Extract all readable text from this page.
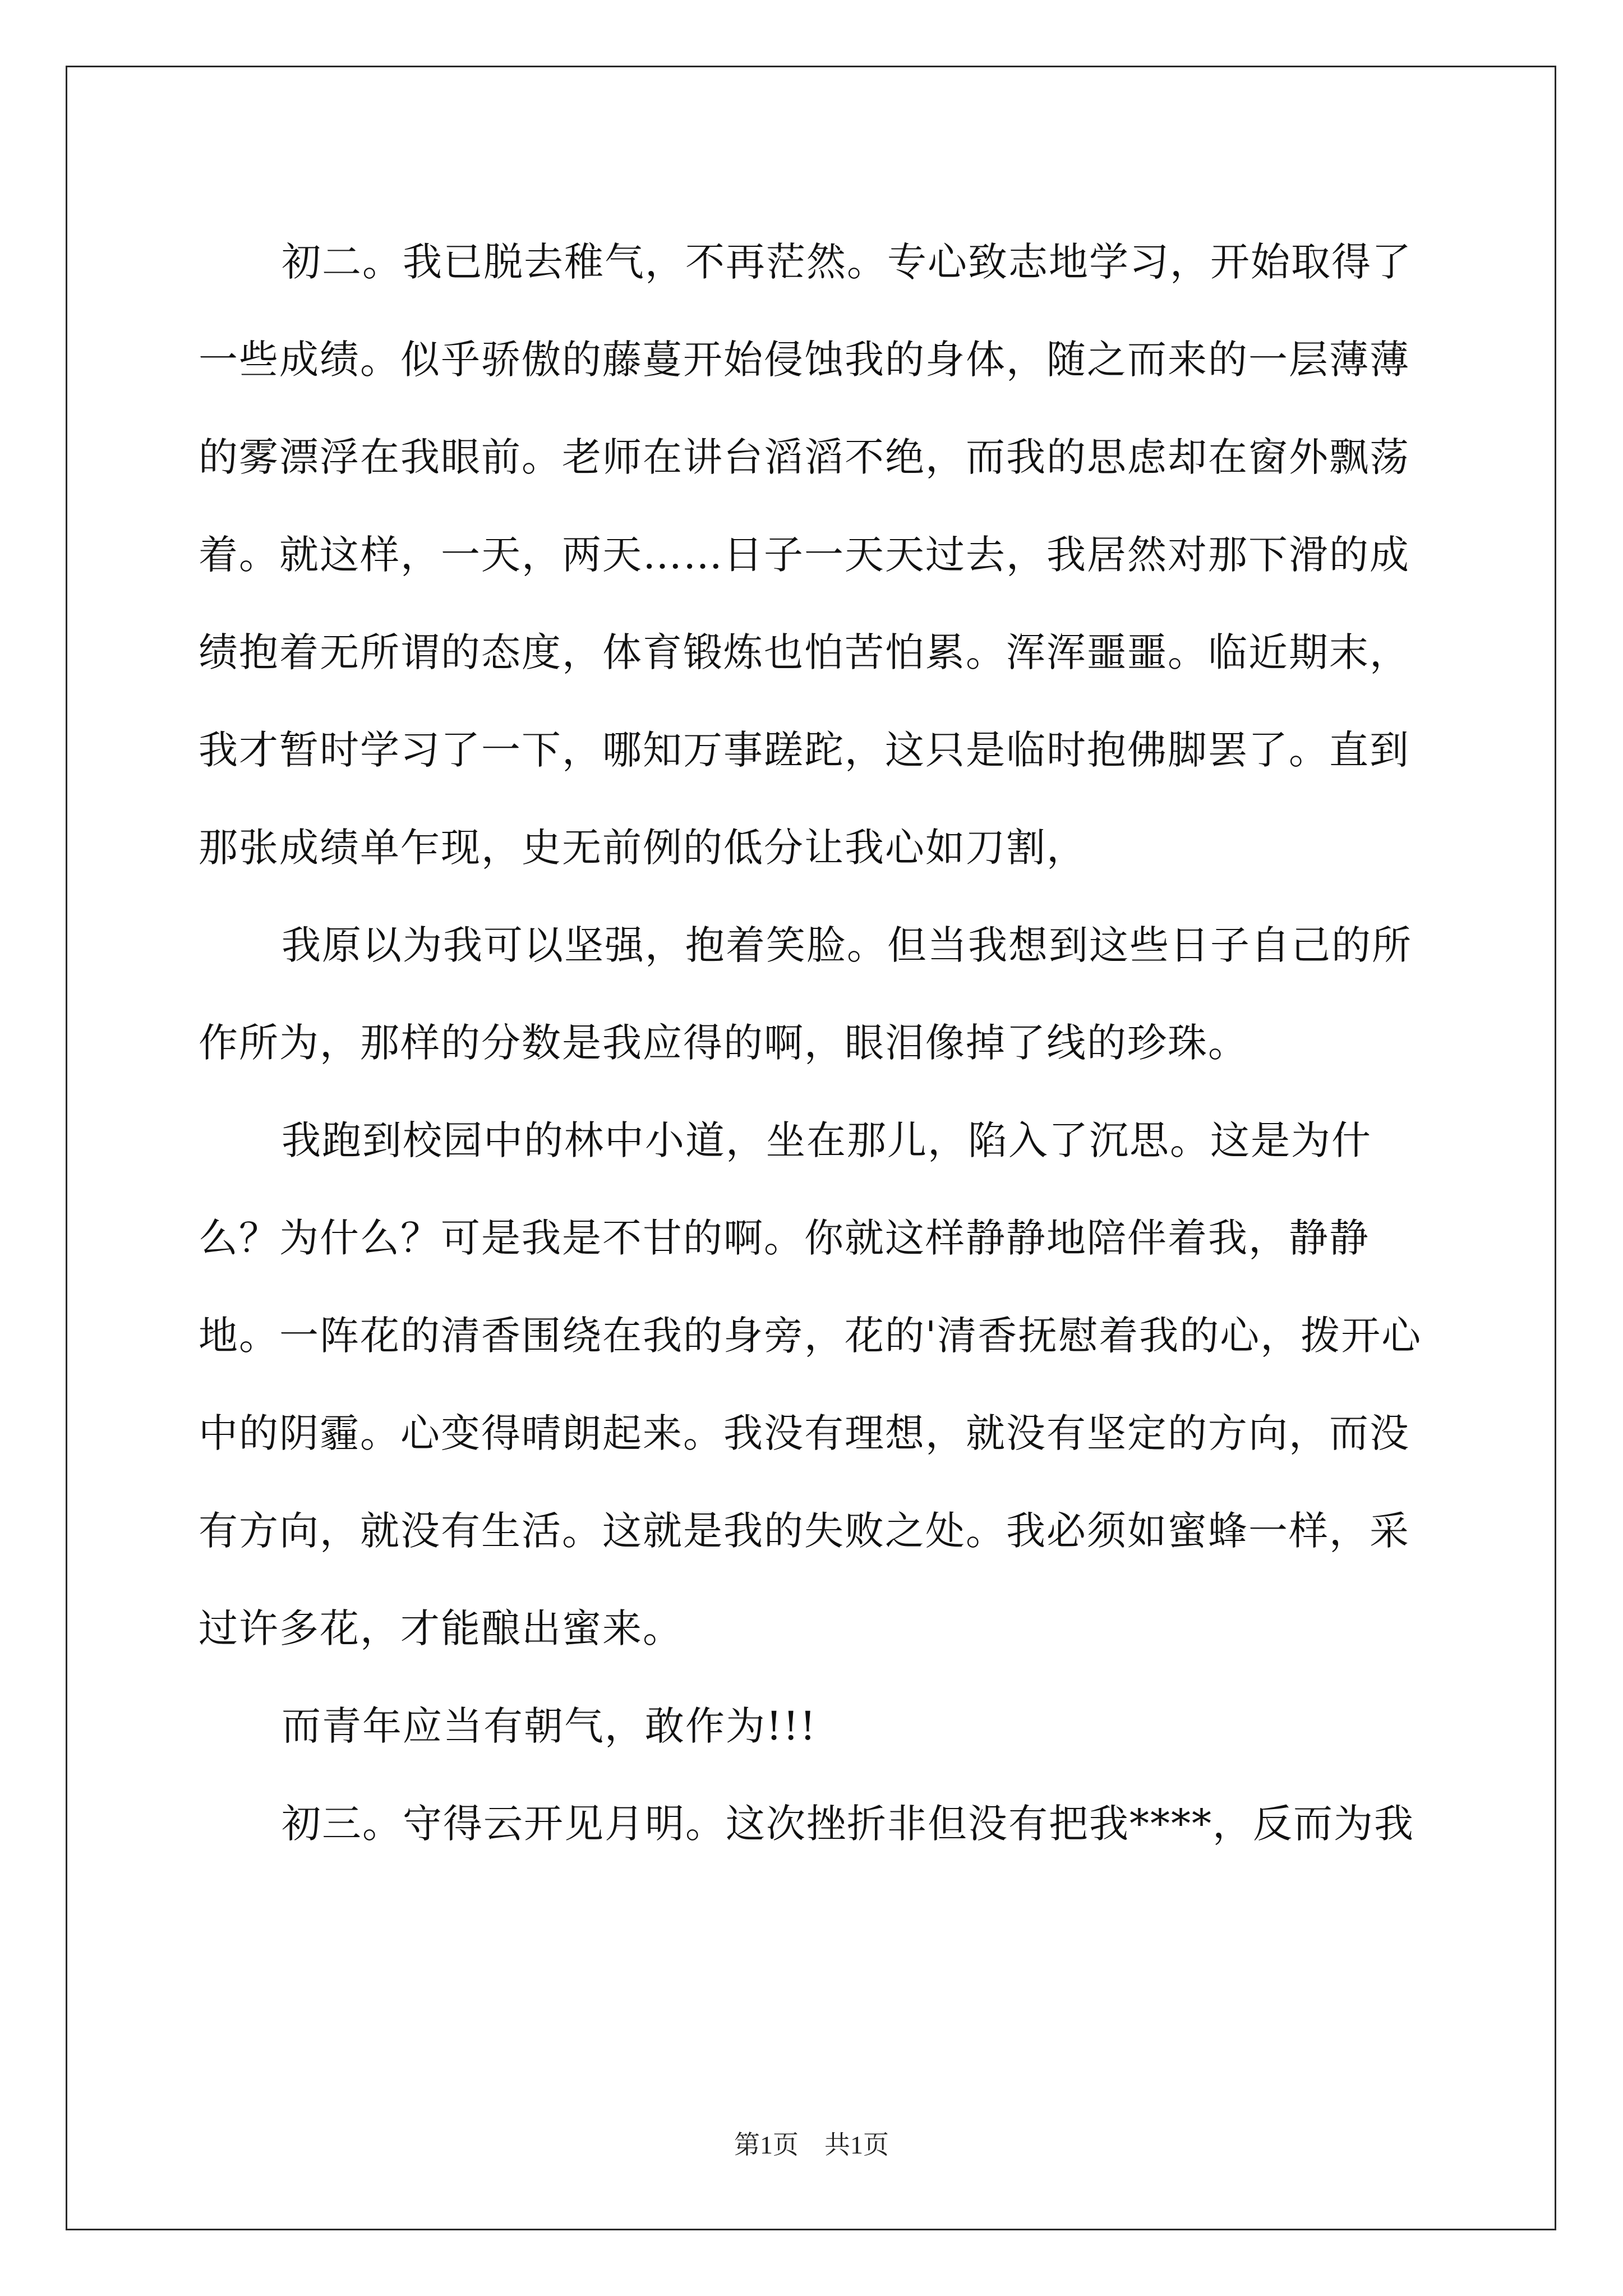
初二。我已脱去稚气，不再茫然。专心致志地学习，开始取得了一些成绩。似乎骄傲的藤蔓开始侵蚀我的身体，随之而来的一层薄薄的雾漂浮在我眼前。老师在讲台滔滔不绝，而我的思虑却在窗外飘荡着。就这样，一天，两天……日子一天天过去，我居然对那下滑的成绩抱着无所谓的态度，体育锻炼也怕苦怕累。浑浑噩噩。临近期末，我才暂时学习了一下，哪知万事蹉跎，这只是临时抱佛脚罢了。直到那张成绩单乍现，史无前例的低分让我心如刀割，

我原以为我可以坚强，抱着笑脸。但当我想到这些日子自己的所作所为，那样的分数是我应得的啊，眼泪像掉了线的珍珠。

我跑到校园中的林中小道，坐在那儿，陷入了沉思。这是为什么？为什么？可是我是不甘的啊。你就这样静静地陪伴着我，静静地。一阵花的清香围绕在我的身旁，花的'清香抚慰着我的心，拨开心中的阴霾。心变得晴朗起来。我没有理想，就没有坚定的方向，而没有方向，就没有生活。这就是我的失败之处。我必须如蜜蜂一样，采过许多花，才能酿出蜜来。

而青年应当有朝气，敢作为!!!

初三。守得云开见月明。这次挫折非但没有把我****，反而为我

第1页　共1页
